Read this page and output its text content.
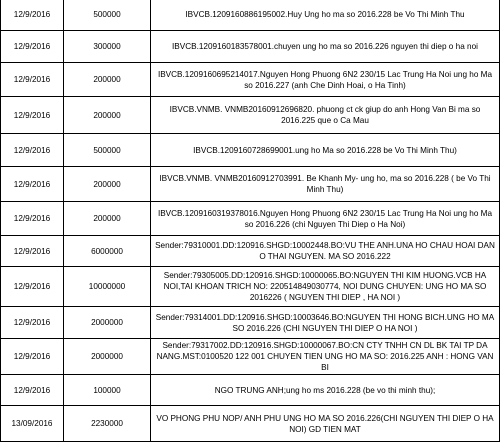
12/9/2016	500000	IBVCB.1209160886195002.Huy Ung ho ma so 2016.228 be Vo Thi Minh Thu
12/9/2016	300000	IBVCB.1209160183578001.chuyen ung ho ma so 2016.226 nguyen thi diep o ha noi
12/9/2016	200000	IBVCB.1209160695214017.Nguyen Hong Phuong 6N2 230/15 Lac Trung Ha Noi ung ho Ma so 2016.227 (anh Che Dinh Hoai, o Ha Tinh)
12/9/2016	200000	IBVCB.VNMB. VNMB20160912696820. phuong ct ck giup do anh Hong Van Bi ma so 2016.225 que o Ca Mau
12/9/2016	500000	IBVCB.1209160728699001.ung ho Ma so 2016.228 be Vo Thi Minh Thu)
12/9/2016	200000	IBVCB.VNMB. VNMB20160912703991. Be Khanh My- ung ho, ma so 2016.228 ( be Vo Thi Minh Thu)
12/9/2016	200000	IBVCB.1209160319378016.Nguyen Hong Phuong 6N2 230/15 Lac Trung Ha Noi ung ho Ma so 2016.226 (chi Nguyen Thi Diep o Ha Noi)
12/9/2016	6000000	Sender:79310001.DD:120916.SHGD:10002448.BO:VU THE ANH.UNA HO CHAU HOAI DAN O THAI NGUYEN. MA SO 2016.222
12/9/2016	10000000	Sender:79305005.DD:120916.SHGD:10000065.BO:NGUYEN THI KIM HUONG.VCB HA NOI,TAI KHOAN TRICH NO: 220514849030774, NOI DUNG CHUYEN: UNG HO MA SO 2016226 ( NGUYEN THI DIEP , HA NOI )
12/9/2016	2000000	Sender:79314001.DD:120916.SHGD:10003646.BO:NGUYEN THI HONG BICH.UNG HO MA SO 2016.226 (CHI NGUYEN THI DIEP O HA NOI )
12/9/2016	2000000	Sender:79317002.DD:120916.SHGD:10000067.BO:CN CTY TNHH CN DL BK TAI TP DA NANG.MST:0100520 122 001 CHUYEN TIEN UNG HO MA SO: 2016.225 ANH : HONG VAN BI
12/9/2016	100000	NGO TRUNG ANH;ung ho ms 2016.228 (be vo thi minh thu);
13/09/2016	2230000	VO PHONG PHU NOP/ ANH PHU UNG HO MA SO 2016.226(CHI NGUYEN THI DIEP O HA NOI) GD TIEN MAT
